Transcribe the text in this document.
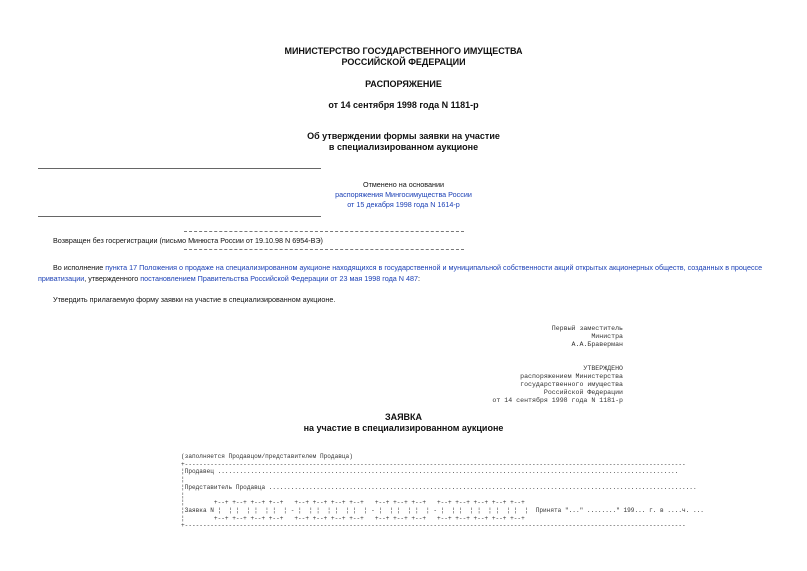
МИНИСТЕРСТВО ГОСУДАРСТВЕННОГО ИМУЩЕСТВА
РОССИЙСКОЙ ФЕДЕРАЦИИ
РАСПОРЯЖЕНИЕ
от 14 сентября 1998 года N 1181-р
Об утверждении формы заявки на участие
в специализированном аукционе
Отменено на основании
распоряжения Мингосимущества России
от 15 декабря 1998 года N 1614-р
Возвращен без госрегистрации (письмо Минюста России от 19.10.98 N 6954-ВЭ)
Во исполнение пункта 17 Положения о продаже на специализированном аукционе находящихся в государственной и муниципальной собственности акций открытых акционерных обществ, созданных в процессе
приватизации, утвержденного постановлением Правительства Российской Федерации от 23 мая 1998 года N 487:
Утвердить прилагаемую форму заявки на участие в специализированном аукционе.
Первый заместитель
Министра
А.А.Браверман
УТВЕРЖДЕНО
распоряжением Министерства
государственного имущества
Российской Федерации
от 14 сентября 1998 года N 1181-р
ЗАЯВКА
на участие в специализированном аукционе
(заполняется Продавцом/представителем Продавца)
+-----------------------------------------------------------------------------------------------------------------------------------------
¦Продавец ..............................................................................................................................
¦
¦Представитель Продавца .....................................................................................................................
¦
¦        +--+ +--+ +--+ +--+   +--+ +--+ +--+ +--+   +--+ +--+ +--+   +--+ +--+ +--+ +--+ +--+
¦Заявка N ¦  ¦ ¦  ¦ ¦  ¦ ¦  ¦ - ¦  ¦ ¦  ¦ ¦  ¦ ¦  ¦ - ¦  ¦ ¦  ¦ ¦  ¦ - ¦  ¦ ¦  ¦ ¦  ¦ ¦  ¦ ¦  ¦  Принята "..." ........" 199... г. в ....ч. ...
¦        +--+ +--+ +--+ +--+   +--+ +--+ +--+ +--+   +--+ +--+ +--+   +--+ +--+ +--+ +--+ +--+
+-----------------------------------------------------------------------------------------------------------------------------------------
